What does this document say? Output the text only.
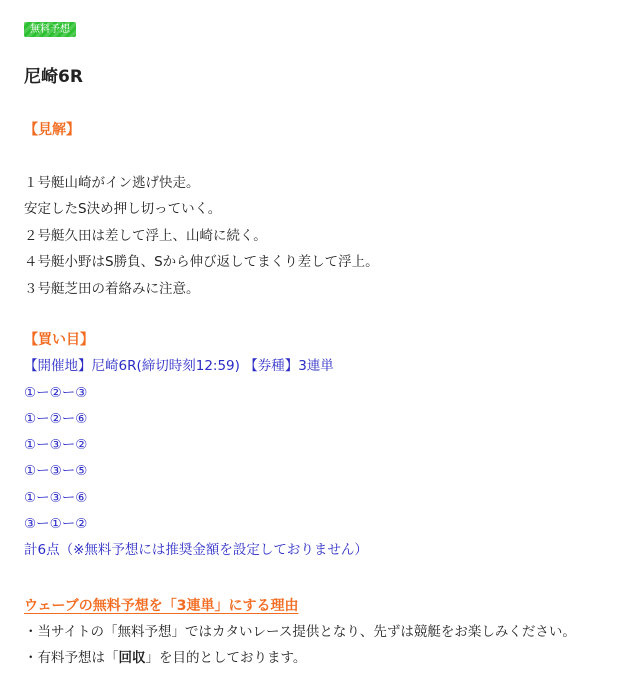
無料予想
尼崎6R
【見解】
１号艇山崎がイン逃げ快走。
安定したS決め押し切っていく。
２号艇久田は差して浮上、山崎に続く。
４号艇小野はS勝負、Sから伸び返してまくり差して浮上。
３号艇芝田の着絡みに注意。
【買い目】
【開催地】尼崎6R(締切時刻12:59) 【券種】3連単
①ー②ー③
①ー②ー⑥
①ー③ー②
①ー③ー⑤
①ー③ー⑥
③ー①ー②
計6点（※無料予想には推奨金額を設定しておりません）
ウェーブの無料予想を「3連単」にする理由
・当サイトの「無料予想」ではカタいレース提供となり、先ずは競艇をお楽しみください。
・有料予想は「回収」を目的としております。
